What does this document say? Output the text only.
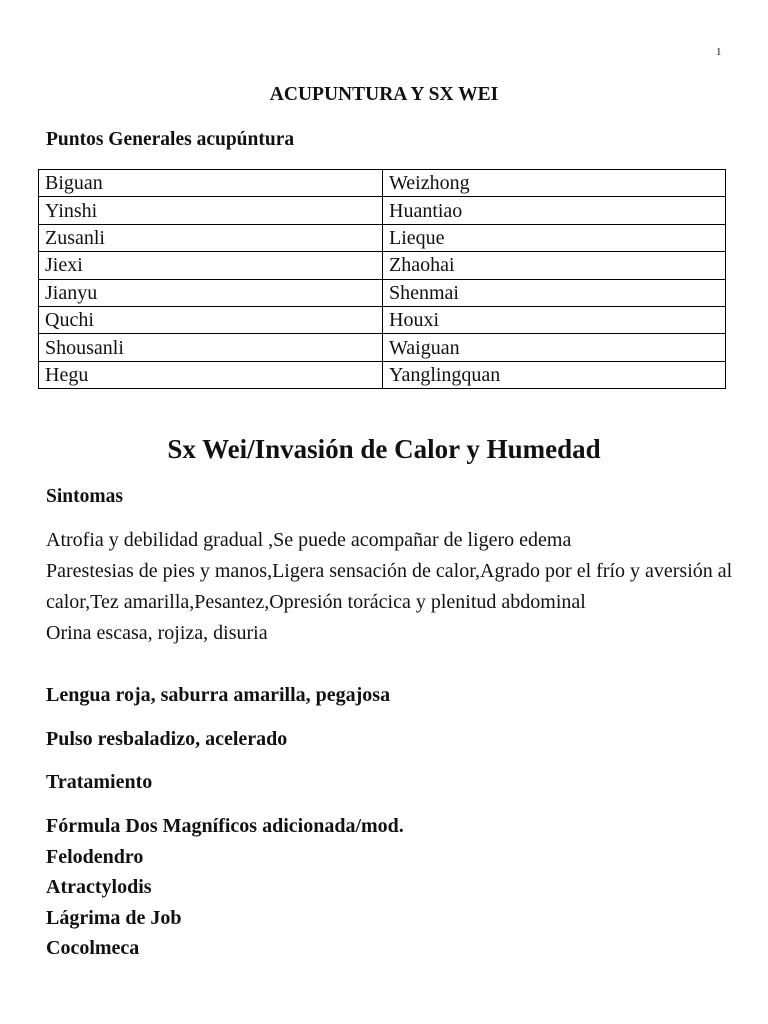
1
ACUPUNTURA Y SX WEI
Puntos Generales acupúntura
Biguan	Weizhong
Yinshi	Huantiao
Zusanli	Lieque
Jiexi	Zhaohai
Jianyu	Shenmai
Quchi	Houxi
Shousanli	Waiguan
Hegu	Yanglingquan
Sx Wei/Invasión de Calor y Humedad
Sintomas

Atrofia y debilidad gradual ,Se puede acompañar de ligero edema

Parestesias de pies y manos,Ligera sensación de calor,Agrado por el frío y aversión al calor,Tez amarilla,Pesantez,Opresión torácica y plenitud abdominal

Orina escasa, rojiza, disuria

Lengua roja, saburra amarilla, pegajosa
Pulso resbaladizo, acelerado
Tratamiento
Fórmula Dos Magníficos adicionada/mod.
Felodendro
Atractylodis
Lágrima de Job
Cocolmeca
